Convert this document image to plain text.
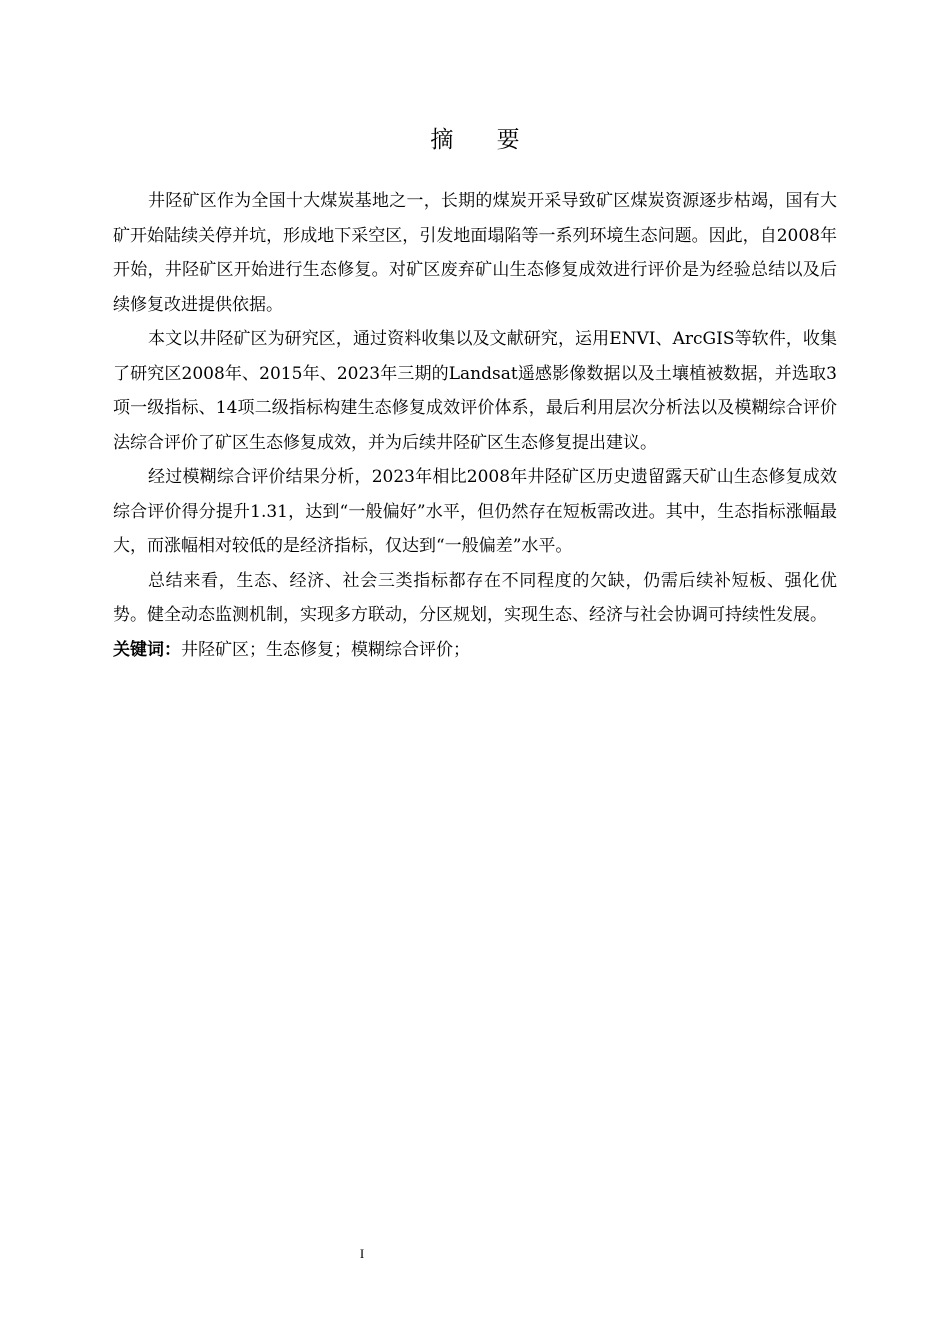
摘 要

井陉矿区作为全国十大煤炭基地之一，长期的煤炭开采导致矿区煤炭资源逐步枯竭，国有大矿开始陆续关停并坑，形成地下采空区，引发地面塌陷等一系列环境生态问题。因此，自2008年开始，井陉矿区开始进行生态修复。对矿区废弃矿山生态修复成效进行评价是为经验总结以及后续修复改进提供依据。

本文以井陉矿区为研究区，通过资料收集以及文献研究，运用ENVI、ArcGIS等软件，收集了研究区2008年、2015年、2023年三期的Landsat遥感影像数据以及土壤植被数据，并选取3项一级指标、14项二级指标构建生态修复成效评价体系，最后利用层次分析法以及模糊综合评价法综合评价了矿区生态修复成效，并为后续井陉矿区生态修复提出建议。

经过模糊综合评价结果分析，2023年相比2008年井陉矿区历史遗留露天矿山生态修复成效综合评价得分提升1.31，达到“一般偏好”水平，但仍然存在短板需改进。其中，生态指标涨幅最大，而涨幅相对较低的是经济指标，仅达到“一般偏差”水平。

总结来看，生态、经济、社会三类指标都存在不同程度的欠缺，仍需后续补短板、强化优势。健全动态监测机制，实现多方联动，分区规划，实现生态、经济与社会协调可持续性发展。

关键词：井陉矿区；生态修复；模糊综合评价；

I
